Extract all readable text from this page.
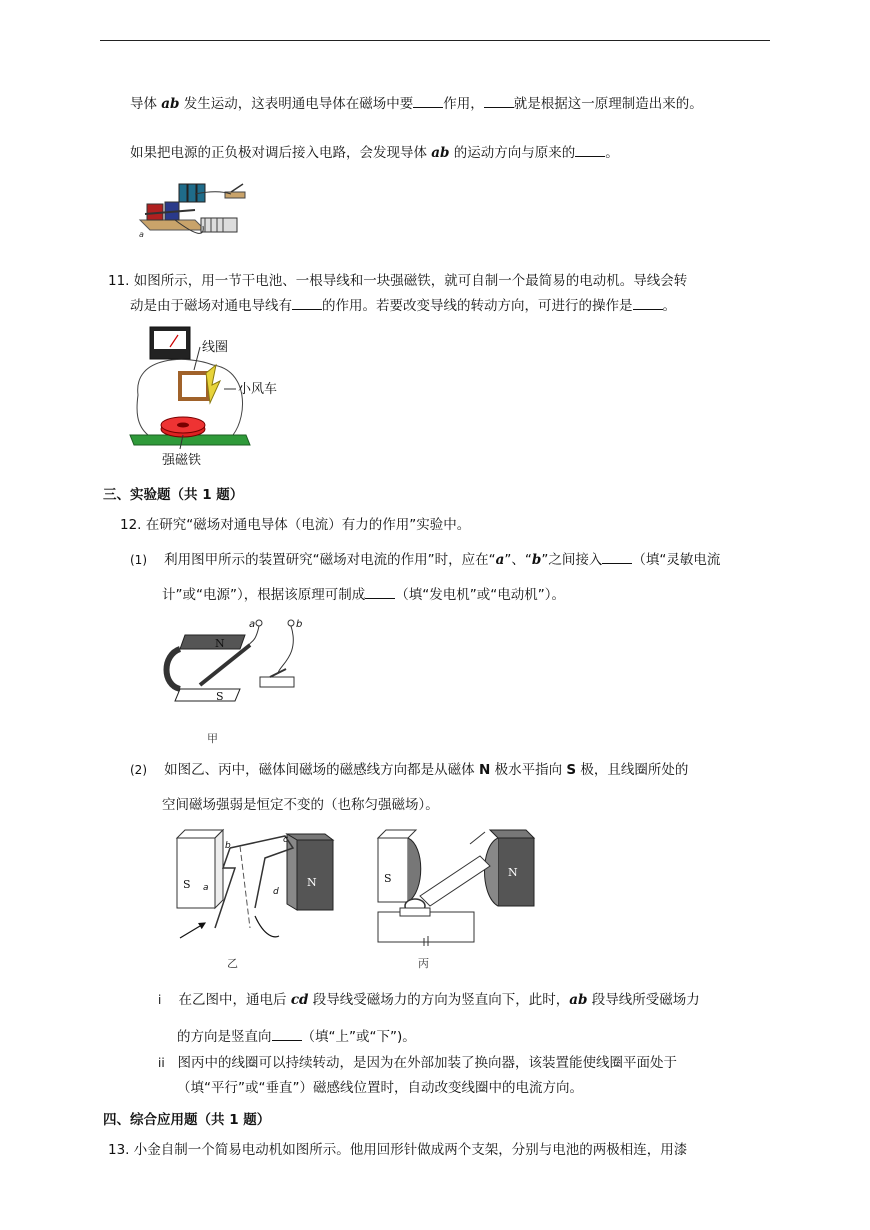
导体 ab 发生运动，这表明通电导体在磁场中要 作用， 就是根据这一原理制造出来的。
如果把电源的正负极对调后接入电路，会发现导体 ab 的运动方向与原来的 。
a
11. 如图所示，用一节干电池、一根导线和一块强磁铁，就可自制一个最简易的电动机。导线会转
动是由于磁场对通电导线有 的作用。若要改变导线的转动方向，可进行的操作是 。
线圈
小风车
强磁铁
三、实验题（共 1 题）
12. 在研究“磁场对通电导体（电流）有力的作用”实验中。
(1) 利用图甲所示的装置研究“磁场对电流的作用”时，应在“a”、“b”之间接入 （填“灵敏电流
计”或“电源”），根据该原理可制成 （填“发电机”或“电动机”）。
N
S
a	b
甲
(2) 如图乙、丙中，磁体间磁场的磁感线方向都是从磁体 N 极水平指向 S 极，且线圈所处的
空间磁场强弱是恒定不变的（也称匀强磁场）。
S	N
a
b
c
d
乙
S	N
丙
i 在乙图中，通电后 cd 段导线受磁场力的方向为竖直向下，此时，ab 段导线所受磁场力
的方向是竖直向 （填“上”或“下”)。
ii 图丙中的线圈可以持续转动，是因为在外部加装了换向器，该装置能使线圈平面处于
（填“平行”或“垂直”）磁感线位置时，自动改变线圈中的电流方向。
四、综合应用题（共 1 题）
13. 小金自制一个简易电动机如图所示。他用回形针做成两个支架，分别与电池的两极相连，用漆
